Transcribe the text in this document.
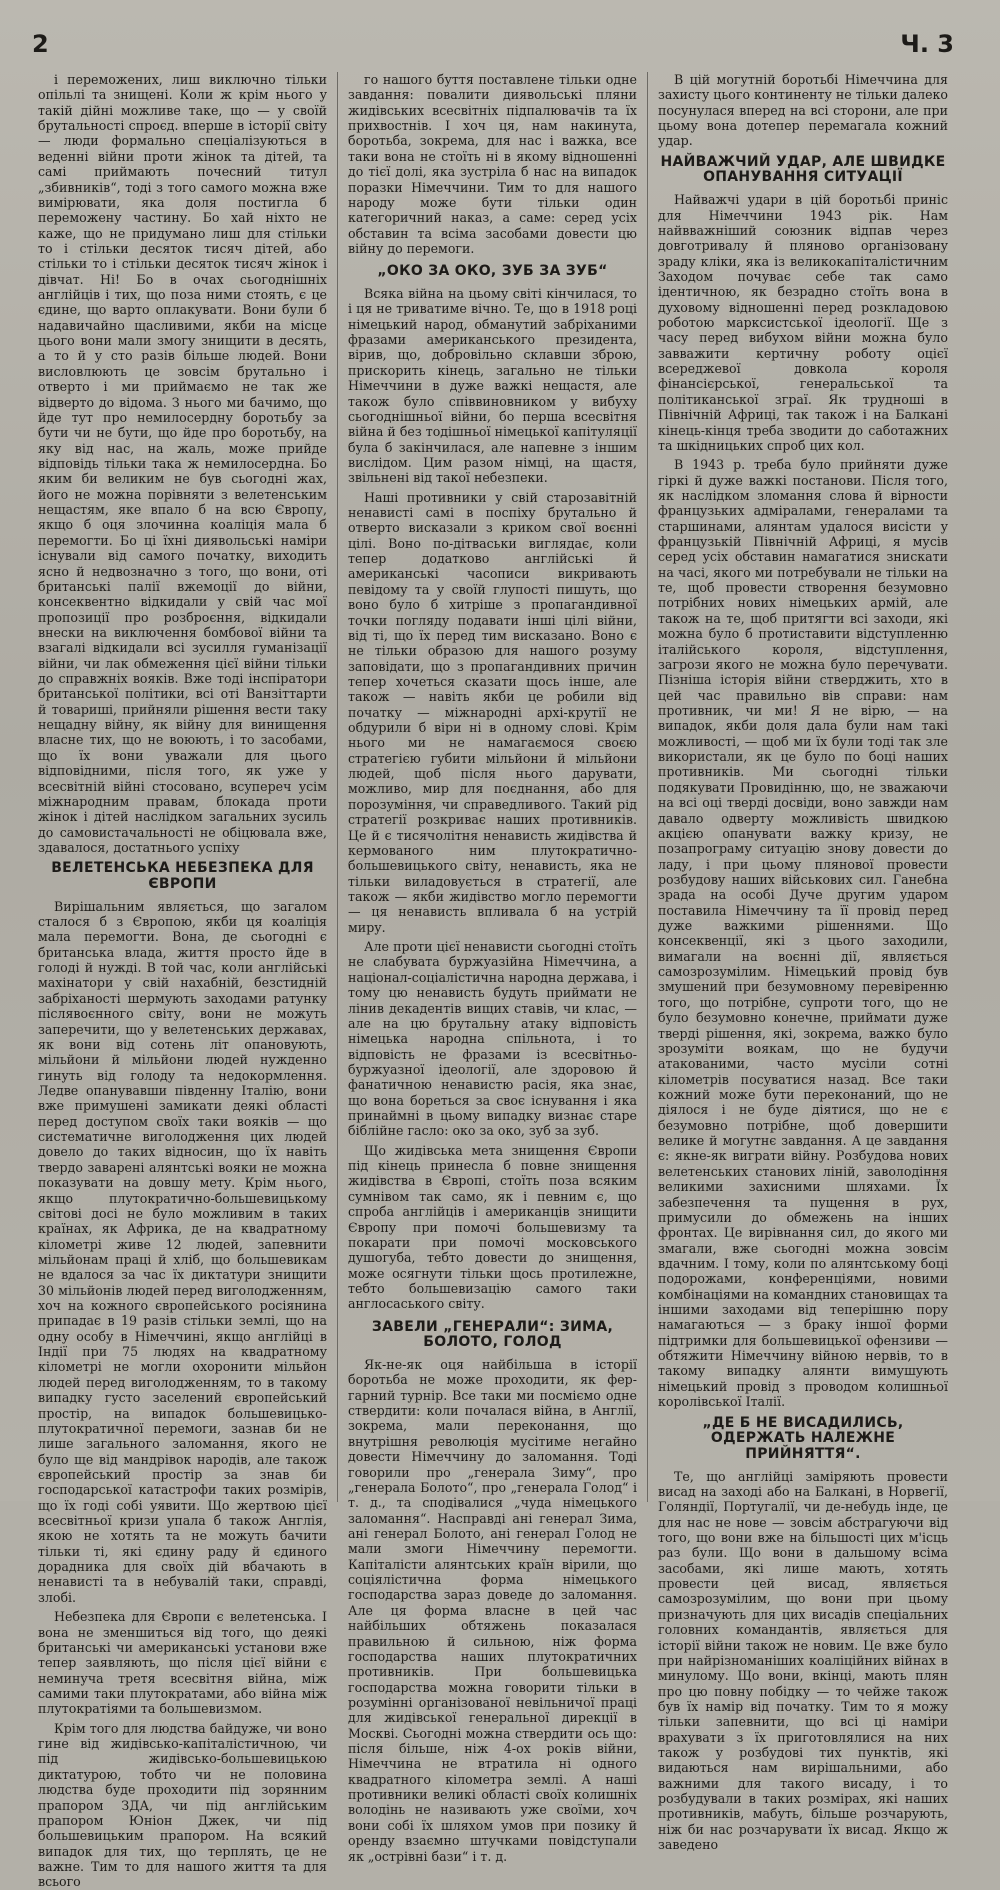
2	Ч. 3

і переможених, лиш виключно тільки опільлі та знищені. Коли ж крім нього у такій дійні можливе таке, що — у своїй брутальності спроєд. вперше в історії світу — люди формально спеціалізуються в веденні війни проти жінок та дітей, та самі приймають почесний титул „збивників“, тоді з того самого можна вже вимірювати, яка доля постигла б переможену частину. Бо хай ніхто не каже, що не придумано лиш для стільки то і стільки десяток тисяч дітей, або стільки то і стільки десяток тисяч жінок і дівчат. Ні! Бо в очах сьогоднішніх англійців і тих, що поза ними стоять, є це єдине, що варто оплакувати. Вони були б надавичайно щасливими, якби на місце цього вони мали змогу знищити в десять, а то й у сто разів більше людей. Вони висловлюють це зовсім брутально і отверто і ми приймаємо не так же відверто до відома. З нього ми бачимо, що йде тут про немилосердну боротьбу за бути чи не бути, що йде про боротьбу, на яку від нас, на жаль, може прийде відповідь тільки така ж немилосердна. Бо яким би великим не був сьогодні жах, його не можна порівняти з велетенським нещастям, яке впало б на всю Європу, якщо б оця злочинна коаліція мала б перемогти. Бо ці їхні диявольські наміри існували від самого початку, виходить ясно й недвозначно з того, що вони, оті британські палії вжемоції до війни, консеквентно відкидали у свій час мої пропозиції про розброєння, відкидали внески на виключення бомбової війни та взагалі відкидали всі зусилля гуманізації війни, чи лак обмеження цієї війни тільки до справжніх вояків. Вже тоді інспіратори британської політики, всі оті Ванзіттарти й товариші, прийняли рішення вести таку нещадну війну, як війну для винищення власне тих, що не воюють, і то засобами, що їх вони уважали для цього відповідними, після того, як уже у всесвітній війні стосовано, всупереч усім міжнародним правам, блокада проти жінок і дітей наслідком загальних зусиль до самовистачальності не обіцювала вже, здавалося, достатнього успіху

ВЕЛЕТЕНСЬКА НЕБЕЗПЕКА ДЛЯ ЄВРОПИ

Вирішальним являється, що загалом сталося б з Європою, якби ця коаліція мала перемогти. Вона, де сьогодні є британська влада, життя просто йде в голоді й нужді. В той час, коли англійські махінатори у свій нахабній, безстидній забріханості шермують заходами ратунку післявоєнного світу, вони не можуть заперечити, що у велетенських державах, як вони від сотень літ опановують, мільйони й мільйони людей нужденно гинуть від голоду та недокормлення. Ледве опанувавши південну Італію, вони вже примушені замикати деякі області перед доступом своїх таки вояків — що систематичне виголодження цих людей довело до таких відносин, що їх навіть твердо заварені алянтські вояки не можна показувати на довшу мету. Крім нього, якщо плутократично-большевицькому світові досі не було можливим в таких країнах, як Африка, де на квадратному кілометрі живе 12 людей, запевнити мільйонам праці й хліб, що большевикам не вдалося за час їх диктатури знищити 30 мільйонів людей перед виголодженням, хоч на кожного європейського росіянина припадає в 19 разів стільки землі, що на одну особу в Німеччині, якщо англійці в Індії при 75 людях на квадратному кілометрі не могли охоронити мільйон людей перед виголодженням, то в такому випадку густо заселений європейський простір, на випадок большевицько-плутократичної перемоги, зазнав би не лише загального заломання, якого не було ще від мандрівок народів, але також європейський простір за знав би господарської катастрофи таких розмірів, що їх годі собі уявити. Що жертвою цієї всесвітньої кризи упала б також Англія, якою не хотять та не можуть бачити тільки ті, які єдину раду й єдиного дорадника для своїх дій вбачають в ненависті та в небувалій таки, справді, злобі.

Небезпека для Європи є велетенська. І вона не зменшиться від того, що деякі британські чи американські установи вже тепер заявляють, що після цієї війни є неминуча третя всесвітня війна, між самими таки плутократами, або війна між плутократіями та большевизмом.

Крім того для людства байдуже, чи воно гине від жидівсько-капіталістичною, чи під жидівсько-большевицькою диктатурою, тобто чи не половина людства буде проходити під зорянним прапором ЗДА, чи під англійським прапором Юніон Джек, чи під большевицьким прапором. На всякий випадок для тих, що терплять, це не важне. Тим то для нашого життя та для всього

го нашого буття поставлене тільки одне завдання: повалити диявольські пляни жидівських всесвітніх підпалювачів та їх прихвостнів. І хоч ця, нам накинута, боротьба, зокрема, для нас і важка, все таки вона не стоїть ні в якому відношенні до тієї долі, яка зустріла б нас на випадок поразки Німеччини. Тим то для нашого народу може бути тільки один категоричний наказ, а саме: серед усіх обставин та всіма засобами довести цю війну до перемоги.

„ОКО ЗА ОКО, ЗУБ ЗА ЗУБ“

Всяка війна на цьому світі кінчилася, то і ця не триватиме вічно. Те, що в 1918 році німецький народ, обманутий забріханими фразами американського президента, вірив, що, добровільно склавши зброю, прискорить кінець, загально не тільки Німеччини в дуже важкі нещастя, але також було співвиновником у вибуху сьогоднішньої війни, бо перша всесвітня війна й без тодішньої німецької капітуляції була б закінчилася, але напевне з іншим вислідом. Цим разом німці, на щастя, звільнені від такої небезпеки.

Наші противники у свій старозавітній ненависті самі в поспіху брутально й отверто висказали з криком свої воєнні цілі. Воно по-дітваськи виглядає, коли тепер додатково англійські й американські часописи викривають певідому та у своїй глупості пишуть, що воно було б хитріше з пропагандивної точки погляду подавати інші цілі війни, від ті, що їх перед тим висказано. Воно є не тільки образою для нашого розуму заповідати, що з пропагандивних причин тепер хочеться сказати щось інше, але також — навіть якби це робили від початку — міжнародні архі-крутії не обдурили б віри ні в одному слові. Крім нього ми не намагаємося своєю стратегією губити мільйони й мільйони людей, щоб після нього дарувати, можливо, мир для поєднання, або для порозуміння, чи справедливого. Такий рід стратегії розкриває наших противників. Це й є тисячолітня ненависть жидівства й кермованого ним плутократично-большевицького світу, ненависть, яка не тільки виладовується в стратегії, але також — якби жидівство могло перемогти — ця ненависть впливала б на устрій миру.

Але проти цієї ненависти сьогодні стоїть не слабувата буржуазійна Німеччина, а націонал-соціалістична народна держава, і тому цю ненависть будуть приймати не лінив декадентів вищих ставів, чи клас, — але на цю брутальну атаку відповість німецька народна спільнота, і то відповість не фразами із всесвітньо-буржуазної ідеології, але здоровою й фанатичною ненавистю расія, яка знає, що вона бореться за своє існування і яка принаймні в цьому випадку визнає старе біблійне гасло: око за око, зуб за зуб.

Що жидівська мета знищення Європи під кінець принесла б повне знищення жидівства в Європі, стоїть поза всяким сумнівом так само, як і певним є, що спроба англійців і американців знищити Європу при помочі большевизму та покарати при помочі московського душогуба, тебто довести до знищення, може осягнути тільки щось протилежне, тебто большевизацію самого таки англосаського світу.

ЗАВЕЛИ „ГЕНЕРАЛИ“: ЗИМА, БОЛОТО, ГОЛОД

Як-не-як оця найбільша в історії боротьба не може проходити, як фер-гарний турнір. Все таки ми посміємо одне ствердити: коли почалася війна, в Англії, зокрема, мали переконання, що внутрішня революція мусітиме негайно довести Німеччину до заломання. Тоді говорили про „генерала Зиму“, про „генерала Болото“, про „генерала Голод“ і т. д., та сподівалися „чуда німецького заломання“. Насправді ані генерал Зима, ані генерал Болото, ані генерал Голод не мали змоги Німеччину перемогти. Капіталісти алянтських країн вірили, що соціялістична форма німецького господарства зараз доведе до заломання. Але ця форма власне в цей час найбільших обтяжень показалася правильною й сильною, ніж форма господарства наших плутократичних противників. При большевицька господарства можна говорити тільки в розумінні організованої невільничої праці для жидівської генеральної дирекції в Москві. Сьогодні можна ствердити ось що: після більше, ніж 4-ох років війни, Німеччина не втратила ні одного квадратного кілометра землі. А наші противники великі області своїх колишніх володінь не називають уже своїми, хоч вони собі їх шляхом умов при позику й оренду взаємно штучками повідступали як „острівні бази“ і т. д.

В цій могутній боротьбі Німеччина для захисту цього континенту не тільки далеко посунулася вперед на всі сторони, але при цьому вона дотепер перемагала кожний удар.

НАЙВАЖЧИЙ УДАР, АЛЕ ШВИДКЕ ОПАНУВАННЯ СИТУАЦІЇ

Найважчі удари в цій боротьбі приніс для Німеччини 1943 рік. Нам найвважніший союзник відпав через довготривалу й пляново організовану зраду кліки, яка із великокапіталістичним Заходом почуває себе так само ідентичною, як безрадно стоїть вона в духовому відношенні перед розкладовою роботою марксистської ідеології. Ще з часу перед вибухом війни можна було завважити кертичну роботу оцієї всереджевої довкола короля фінансієрської, генеральської та політиканської зграї. Як трудноші в Північній Африці, так також і на Балкані кінець-кінця треба зводити до саботажних та шкідницьких спроб цих кол.

В 1943 р. треба було прийняти дуже гіркі й дуже важкі постанови. Після того, як наслідком зломання слова й вірности французьких адміралами, генералами та старшинами, алянтам удалося висісти у французькій Північній Африці, я мусів серед усіх обставин намагатися знискати на часі, якого ми потребували не тільки на те, щоб провести створення безумовно потрібних нових німецьких армій, але також на те, щоб притягти всі заходи, які можна було б протиставити відступленню італійського короля, відступлення, загрози якого не можна було перечувати. Пізніша історія війни стверджить, хто в цей час правильно вів справи: нам противник, чи ми! Я не вірю, — на випадок, якби доля дала були нам такі можливості, — щоб ми їх були тоді так зле використали, як це було по боці наших противників. Ми сьогодні тільки подякувати Провидінню, що, не зважаючи на всі оці тверді досвіди, воно завжди нам давало одверту можливість швидкою акцією опанувати важку кризу, не позапрограму ситуацію знову довести до ладу, і при цьому плянової провести розбудову наших військових сил. Ганебна зрада на особі Дуче другим ударом поставила Німеччину та її провід перед дуже важкими рішеннями. Що консеквенції, які з цього заходили, вимагали на воєнні дії, являється самозрозумілим. Німецький провід був змушений при безумовному перевіренню того, що потрібне, супроти того, що не було безумовно конечне, приймати дуже тверді рішення, які, зокрема, важко було зрозуміти воякам, що не будучи атакованими, часто мусіли сотні кілометрів посуватися назад. Все таки кожний може бути переконаний, що не діялося і не буде діятися, що не є безумовно потрібне, щоб довершити велике й могутнє завдання. А це завдання є: якне-як виграти війну. Розбудова нових велетенських станових ліній, заволодіння великими захисними шляхами. Їх забезпечення та пущення в рух, примусили до обмежень на інших фронтах. Це вирівнання сил, до якого ми змагали, вже сьогодні можна зовсім вдачним. І тому, коли по алянтському боці подорожами, конференціями, новими комбінаціями на командних становищах та іншими заходами від теперішню пору намагаються — з браку іншої форми підтримки для большевицької офензиви — обтяжити Німеччину війною нервів, то в такому випадку алянти вимушують німецький провід з проводом колишньої королівської Італії.

„ДЕ Б НЕ ВИСАДИЛИСЬ, ОДЕРЖАТЬ НАЛЕЖНЕ ПРИЙНЯТТЯ“.

Те, що англійці заміряють провести висад на заході або на Балкані, в Норвегії, Голяндії, Португалії, чи де-небудь інде, це для нас не нове — зовсім абстрагуючи від того, що вони вже на більшості цих м'ісць раз були. Що вони в дальшому всіма засобами, які лише мають, хотять провести цей висад, являється самозрозумілим, що вони при цьому призначують для цих висадів спеціальних головних командантів, являється для історії війни також не новим. Це вже було при найрізноманіших коаліційних війнах в минулому. Що вони, вкінці, мають плян про цю повну побідку — то чейже також був їх намір від початку. Тим то я можу тільки запевнити, що всі ці наміри врахувати з їх приготовлялися на них також у розбудові тих пунктів, які видаються нам вирішальними, або важними для такого висаду, і то розбудували в таких розмірах, які наших противників, мабуть, більше розчарують, ніж би нас розчарувати їх висад. Якщо ж заведено
